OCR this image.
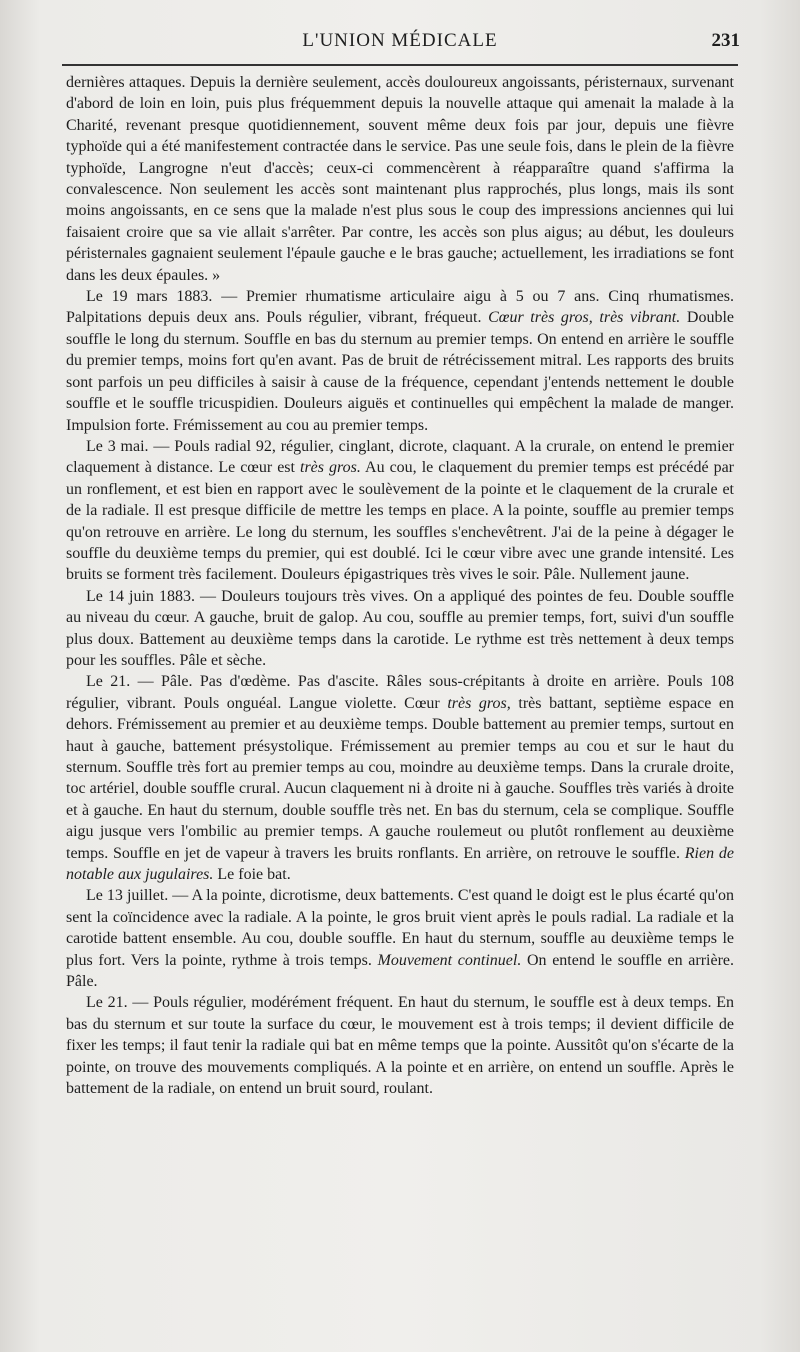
L'UNION MÉDICALE	231

dernières attaques. Depuis la dernière seulement, accès douloureux angoissants, péristernaux, survenant d'abord de loin en loin, puis plus fréquemment depuis la nouvelle attaque qui amenait la malade à la Charité, revenant presque quotidiennement, souvent même deux fois par jour, depuis une fièvre typhoïde qui a été manifestement contractée dans le service. Pas une seule fois, dans le plein de la fièvre typhoïde, Langrogne n'eut d'accès; ceux-ci commencèrent à réapparaître quand s'affirma la convalescence. Non seulement les accès sont maintenant plus rapprochés, plus longs, mais ils sont moins angoissants, en ce sens que la malade n'est plus sous le coup des impressions anciennes qui lui faisaient croire que sa vie allait s'arrêter. Par contre, les accès son plus aigus; au début, les douleurs péristernales gagnaient seulement l'épaule gauche e le bras gauche; actuellement, les irradiations se font dans les deux épaules. »

Le 19 mars 1883. — Premier rhumatisme articulaire aigu à 5 ou 7 ans. Cinq rhumatismes. Palpitations depuis deux ans. Pouls régulier, vibrant, fréqueut. Cœur très gros, très vibrant. Double souffle le long du sternum. Souffle en bas du sternum au premier temps. On entend en arrière le souffle du premier temps, moins fort qu'en avant. Pas de bruit de rétrécissement mitral. Les rapports des bruits sont parfois un peu difficiles à saisir à cause de la fréquence, cependant j'entends nettement le double souffle et le souffle tricuspidien. Douleurs aiguës et continuelles qui empêchent la malade de manger. Impulsion forte. Frémissement au cou au premier temps.

Le 3 mai. — Pouls radial 92, régulier, cinglant, dicrote, claquant. A la crurale, on entend le premier claquement à distance. Le cœur est très gros. Au cou, le claquement du premier temps est précédé par un ronflement, et est bien en rapport avec le soulèvement de la pointe et le claquement de la crurale et de la radiale. Il est presque difficile de mettre les temps en place. A la pointe, souffle au premier temps qu'on retrouve en arrière. Le long du sternum, les souffles s'enchevêtrent. J'ai de la peine à dégager le souffle du deuxième temps du premier, qui est doublé. Ici le cœur vibre avec une grande intensité. Les bruits se forment très facilement. Douleurs épigastriques très vives le soir. Pâle. Nullement jaune.

Le 14 juin 1883. — Douleurs toujours très vives. On a appliqué des pointes de feu. Double souffle au niveau du cœur. A gauche, bruit de galop. Au cou, souffle au premier temps, fort, suivi d'un souffle plus doux. Battement au deuxième temps dans la carotide. Le rythme est très nettement à deux temps pour les souffles. Pâle et sèche.

Le 21. — Pâle. Pas d'œdème. Pas d'ascite. Râles sous-crépitants à droite en arrière. Pouls 108 régulier, vibrant. Pouls onguéal. Langue violette. Cœur très gros, très battant, septième espace en dehors. Frémissement au premier et au deuxième temps. Double battement au premier temps, surtout en haut à gauche, battement présystolique. Frémissement au premier temps au cou et sur le haut du sternum. Souffle très fort au premier temps au cou, moindre au deuxième temps. Dans la crurale droite, toc artériel, double souffle crural. Aucun claquement ni à droite ni à gauche. Souffles très variés à droite et à gauche. En haut du sternum, double souffle très net. En bas du sternum, cela se complique. Souffle aigu jusque vers l'ombilic au premier temps. A gauche roulemeut ou plutôt ronflement au deuxième temps. Souffle en jet de vapeur à travers les bruits ronflants. En arrière, on retrouve le souffle. Rien de notable aux jugulaires. Le foie bat.

Le 13 juillet. — A la pointe, dicrotisme, deux battements. C'est quand le doigt est le plus écarté qu'on sent la coïncidence avec la radiale. A la pointe, le gros bruit vient après le pouls radial. La radiale et la carotide battent ensemble. Au cou, double souffle. En haut du sternum, souffle au deuxième temps le plus fort. Vers la pointe, rythme à trois temps. Mouvement continuel. On entend le souffle en arrière. Pâle.

Le 21. — Pouls régulier, modérément fréquent. En haut du sternum, le souffle est à deux temps. En bas du sternum et sur toute la surface du cœur, le mouvement est à trois temps; il devient difficile de fixer les temps; il faut tenir la radiale qui bat en même temps que la pointe. Aussitôt qu'on s'écarte de la pointe, on trouve des mouvements compliqués. A la pointe et en arrière, on entend un souffle. Après le battement de la radiale, on entend un bruit sourd, roulant.
